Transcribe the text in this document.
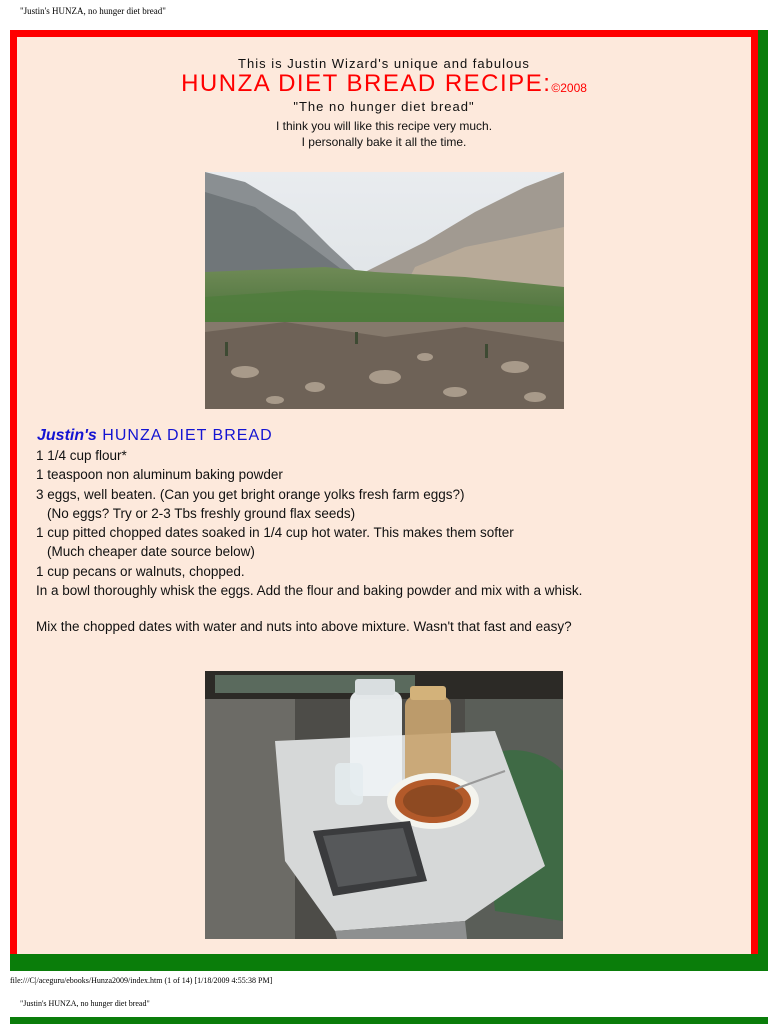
"Justin's HUNZA, no hunger diet bread"
This is Justin Wizard's unique and fabulous
HUNZA DIET BREAD RECIPE:©2008
"The no hunger diet bread"
I think you will like this recipe very much.
I personally bake it all the time.
Justin's HUNZA DIET BREAD
1 1/4 cup flour*
1 teaspoon non aluminum baking powder
3 eggs, well beaten. (Can you get bright orange yolks fresh farm eggs?)
(No eggs? Try or 2-3 Tbs freshly ground flax seeds)
1 cup pitted chopped dates soaked in 1/4 cup hot water. This makes them softer
(Much cheaper date source below)
1 cup pecans or walnuts, chopped.
In a bowl thoroughly whisk the eggs. Add the flour and baking powder and mix with a whisk.
Mix the chopped dates with water and nuts into above mixture. Wasn't that fast and easy?
file:///C|/aceguru/ebooks/Hunza2009/index.htm (1 of 14) [1/18/2009 4:55:38 PM]
"Justin's HUNZA, no hunger diet bread"
